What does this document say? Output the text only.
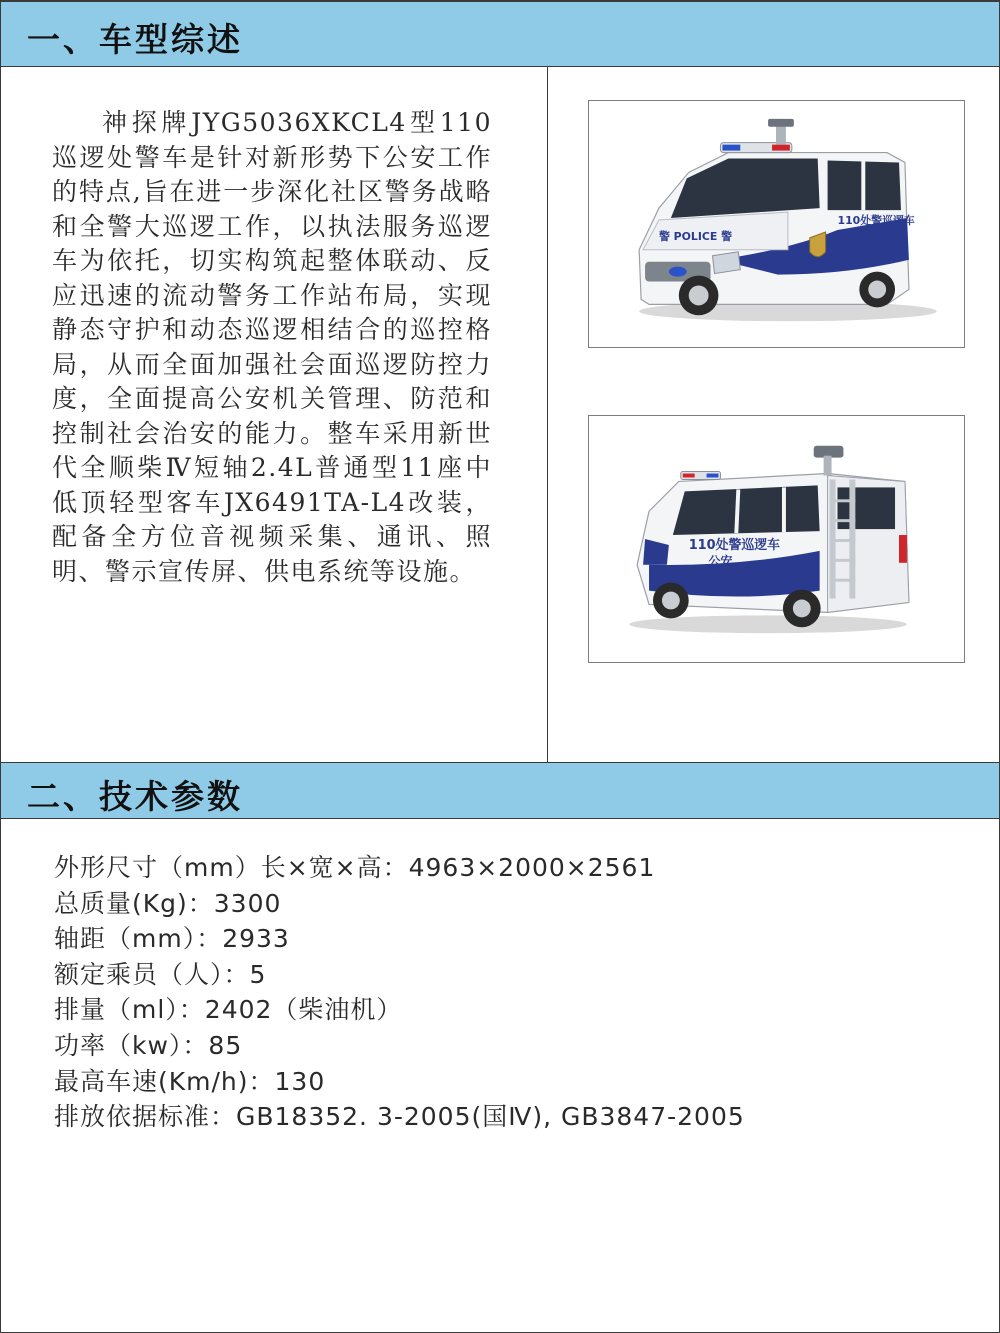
一、车型综述
神探牌JYG5036XKCL4型110巡逻处警车是针对新形势下公安工作的特点,旨在进一步深化社区警务战略和全警大巡逻工作，以执法服务巡逻车为依托，切实构筑起整体联动、反应迅速的流动警务工作站布局，实现静态守护和动态巡逻相结合的巡控格局，从而全面加强社会面巡逻防控力度，全面提高公安机关管理、防范和控制社会治安的能力。整车采用新世代全顺柴Ⅳ短轴2.4L普通型11座中低顶轻型客车JX6491TA-L4改装，配备全方位音视频采集、通讯、照明、警示宣传屏、供电系统等设施。
警 POLICE 警
110处警巡逻车
公安
110处警巡逻车
公安
二、技术参数
外形尺寸（mm）长×宽×高：4963×2000×2561
总质量(Kg)：3300
轴距（mm）：2933
额定乘员（人）：5
排量（ml）：2402（柴油机）
功率（kw）：85
最高车速(Km/h)：130
排放依据标准：GB18352. 3-2005(国Ⅳ), GB3847-2005
